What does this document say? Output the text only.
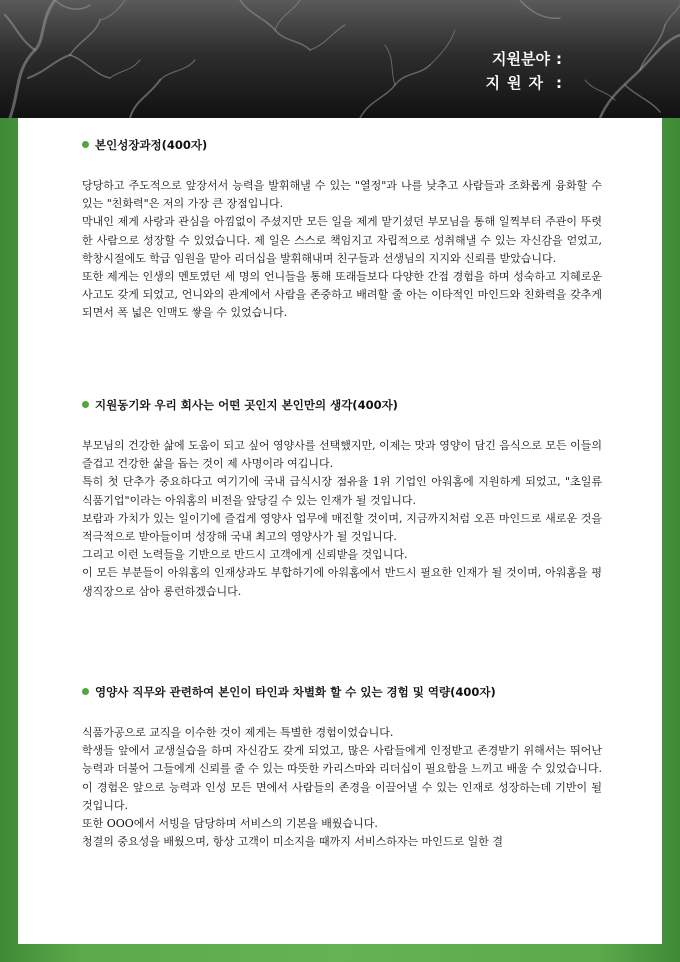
지원분야 :
지원자 :
본인성장과정(400자)

당당하고 주도적으로 앞장서서 능력을 발휘해낼 수 있는 "열정"과 나를 낮추고 사람들과 조화롭게 융화할 수 있는 "친화력"은 저의 가장 큰 장점입니다.

막내인 제게 사랑과 관심을 아낌없이 주셨지만 모든 일을 제게 맡기셨던 부모님을 통해 일찍부터 주관이 뚜렷한 사람으로 성장할 수 있었습니다. 제 일은 스스로 책임지고 자립적으로 성취해낼 수 있는 자신감을 얻었고, 학창시절에도 학급 임원을 맡아 리더십을 발휘해내며 친구들과 선생님의 지지와 신뢰를 받았습니다.

또한 제게는 인생의 멘토였던 세 명의 언니들을 통해 또래들보다 다양한 간접 경험을 하며 성숙하고 지혜로운 사고도 갖게 되었고, 언니와의 관계에서 사람을 존중하고 배려할 줄 아는 이타적인 마인드와 친화력을 갖추게 되면서 폭 넓은 인맥도 쌓을 수 있었습니다.

지원동기와 우리 회사는 어떤 곳인지 본인만의 생각(400자)

부모님의 건강한 삶에 도움이 되고 싶어 영양사를 선택했지만, 이제는 맛과 영양이 담긴 음식으로 모든 이들의 즐겁고 건강한 삶을 돕는 것이 제 사명이라 여깁니다.

특히 첫 단추가 중요하다고 여기기에 국내 급식시장 점유율 1위 기업인 아워홈에 지원하게 되었고, "초일류 식품기업"이라는 아워홈의 비전을 앞당길 수 있는 인재가 될 것입니다.

보람과 가치가 있는 일이기에 즐겁게 영양사 업무에 매진할 것이며, 지금까지처럼 오픈 마인드로 새로운 것을 적극적으로 받아들이며 성장해 국내 최고의 영양사가 될 것입니다.

그리고 이런 노력들을 기반으로 반드시 고객에게 신뢰받을 것입니다.

이 모든 부분들이 아워홈의 인재상과도 부합하기에 아워홈에서 반드시 필요한 인재가 될 것이며, 아워홈을 평생직장으로 삼아 롱런하겠습니다.

영양사 직무와 관련하여 본인이 타인과 차별화 할 수 있는 경험 및 역량(400자)

식품가공으로 교직을 이수한 것이 제게는 특별한 경험이었습니다.

학생들 앞에서 교생실습을 하며 자신감도 갖게 되었고, 많은 사람들에게 인정받고 존경받기 위해서는 뛰어난 능력과 더불어 그들에게 신뢰를 줄 수 있는 따뜻한 카리스마와 리더십이 필요함을 느끼고 배울 수 있었습니다. 이 경험은 앞으로 능력과 인성 모든 면에서 사람들의 존경을 이끌어낼 수 있는 인재로 성장하는데 기반이 될 것입니다.

또한 OOO에서 서빙을 담당하며 서비스의 기본을 배웠습니다.

청결의 중요성을 배웠으며, 항상 고객이 미소지을 때까지 서비스하자는 마인드로 일한 결
